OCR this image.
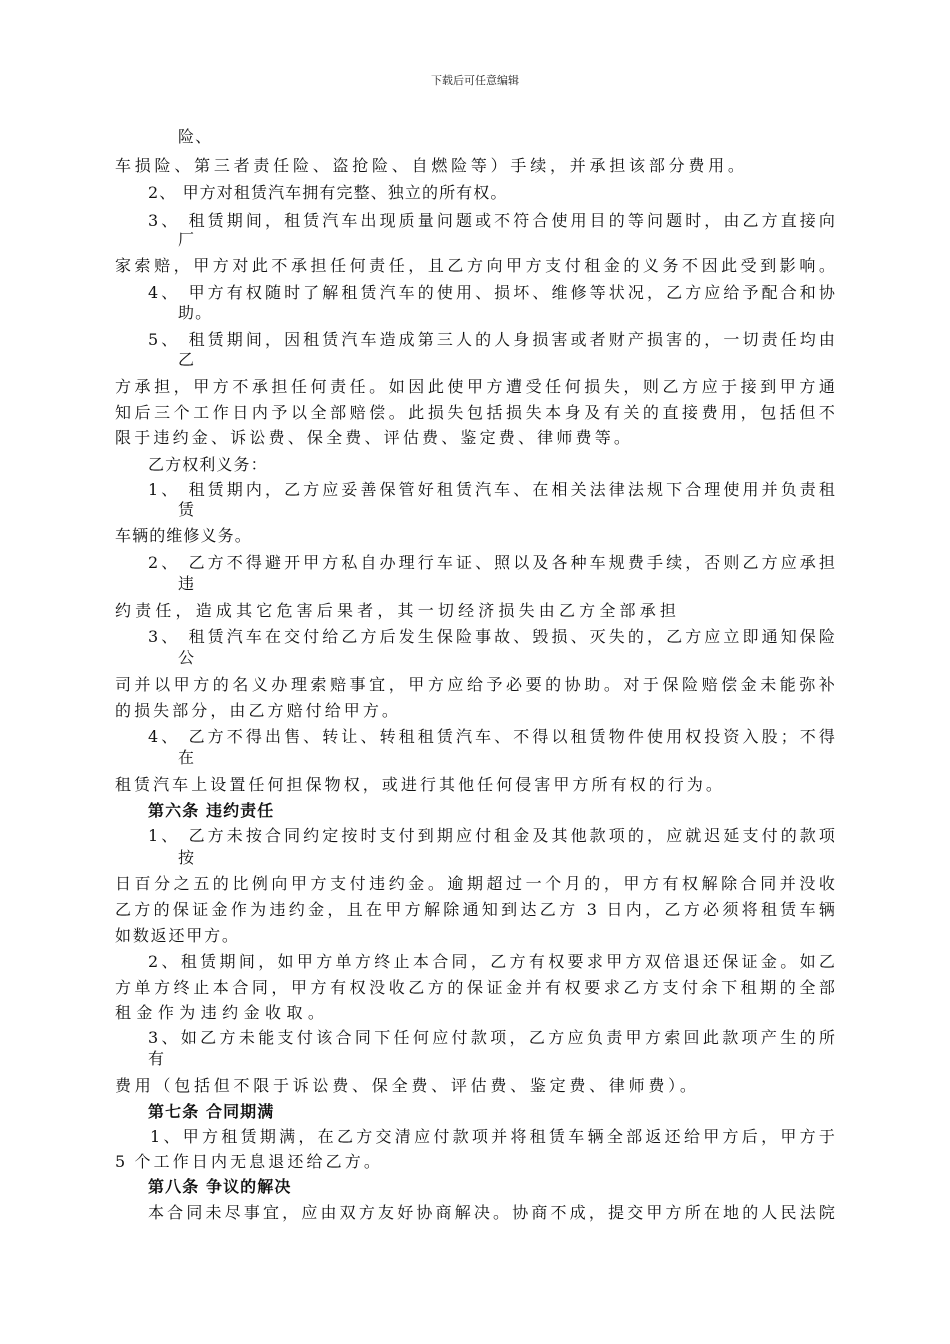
下载后可任意编辑
险、
车损险、第三者责任险、盗抢险、自燃险等）手续，并承担该部分费用。
2、 甲方对租赁汽车拥有完整、独立的所有权。
3、 租赁期间，租赁汽车出现质量问题或不符合使用目的等问题时，由乙方直接向
厂
家索赔，甲方对此不承担任何责任，且乙方向甲方支付租金的义务不因此受到影响。
4、 甲方有权随时了解租赁汽车的使用、损坏、维修等状况，乙方应给予配合和协
助。
5、 租赁期间，因租赁汽车造成第三人的人身损害或者财产损害的，一切责任均由
乙
方承担，甲方不承担任何责任。如因此使甲方遭受任何损失，则乙方应于接到甲方通
知后三个工作日内予以全部赔偿。此损失包括损失本身及有关的直接费用，包括但不
限于违约金、诉讼费、保全费、评估费、鉴定费、律师费等。
乙方权利义务：
1、 租赁期内，乙方应妥善保管好租赁汽车、在相关法律法规下合理使用并负责租
赁
车辆的维修义务。
2、 乙方不得避开甲方私自办理行车证、照以及各种车规费手续，否则乙方应承担
违
约责任，造成其它危害后果者，其一切经济损失由乙方全部承担
3、 租赁汽车在交付给乙方后发生保险事故、毁损、灭失的，乙方应立即通知保险
公
司并以甲方的名义办理索赔事宜，甲方应给予必要的协助。对于保险赔偿金未能弥补
的损失部分，由乙方赔付给甲方。
4、 乙方不得出售、转让、转租租赁汽车、不得以租赁物件使用权投资入股；不得
在
租赁汽车上设置任何担保物权，或进行其他任何侵害甲方所有权的行为。
第六条 违约责任
1、 乙方未按合同约定按时支付到期应付租金及其他款项的，应就迟延支付的款项
按
日百分之五的比例向甲方支付违约金。逾期超过一个月的，甲方有权解除合同并没收
乙方的保证金作为违约金，且在甲方解除通知到达乙方 3 日内，乙方必须将租赁车辆
如数返还甲方。
2、租赁期间，如甲方单方终止本合同，乙方有权要求甲方双倍退还保证金。如乙
方单方终止本合同，甲方有权没收乙方的保证金并有权要求乙方支付余下租期的全部
租金作为违约金收取。
3、如乙方未能支付该合同下任何应付款项，乙方应负责甲方索回此款项产生的所
有
费用（包括但不限于诉讼费、保全费、评估费、鉴定费、律师费）。
第七条 合同期满
1、甲方租赁期满，在乙方交清应付款项并将租赁车辆全部返还给甲方后，甲方于
5 个工作日内无息退还给乙方。
第八条 争议的解决
本合同未尽事宜，应由双方友好协商解决。协商不成，提交甲方所在地的人民法院
